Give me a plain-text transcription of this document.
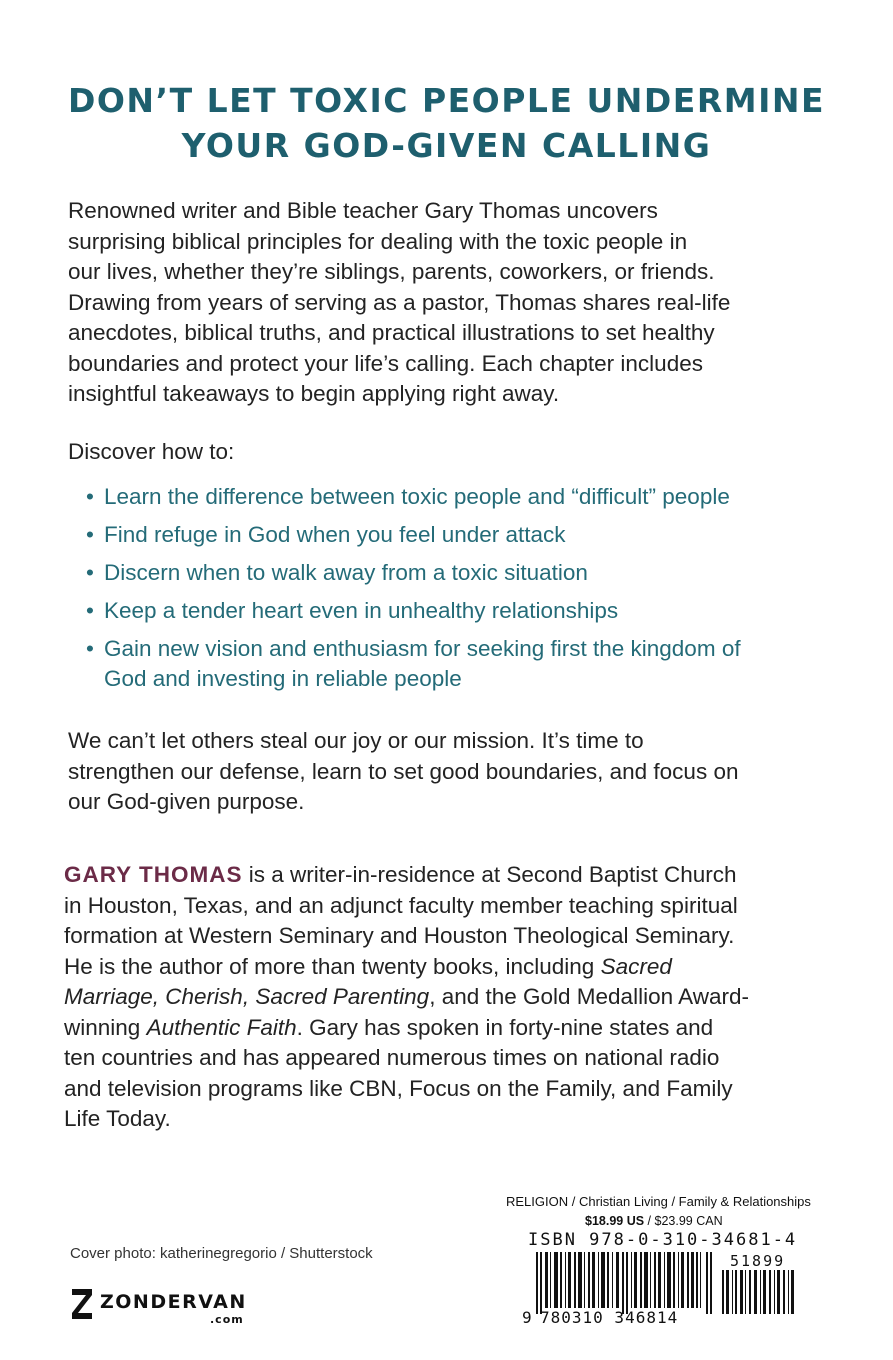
DON’T LET TOXIC PEOPLE UNDERMINE
YOUR GOD-GIVEN CALLING
Renowned writer and Bible teacher Gary Thomas uncovers
surprising biblical principles for dealing with the toxic people in
our lives, whether they’re siblings, parents, coworkers, or friends.
Drawing from years of serving as a pastor, Thomas shares real-life
anecdotes, biblical truths, and practical illustrations to set healthy
boundaries and protect your life’s calling. Each chapter includes
insightful takeaways to begin applying right away.
Discover how to:
• Learn the difference between toxic people and “difficult” people
• Find refuge in God when you feel under attack
• Discern when to walk away from a toxic situation
• Keep a tender heart even in unhealthy relationships
• Gain new vision and enthusiasm for seeking first the kingdom of
God and investing in reliable people
We can’t let others steal our joy or our mission. It’s time to
strengthen our defense, learn to set good boundaries, and focus on
our God-given purpose.
GARY THOMAS is a writer-in-residence at Second Baptist Church
in Houston, Texas, and an adjunct faculty member teaching spiritual
formation at Western Seminary and Houston Theological Seminary.
He is the author of more than twenty books, including Sacred
Marriage, Cherish, Sacred Parenting, and the Gold Medallion Award-
winning Authentic Faith. Gary has spoken in forty-nine states and
ten countries and has appeared numerous times on national radio
and television programs like CBN, Focus on the Family, and Family
Life Today.
Cover photo: katherinegregorio / Shutterstock
ZONDERVAN
.com
RELIGION / Christian Living / Family & Relationships
$18.99 US / $23.99 CAN
ISBN 978-0-310-34681-4
51899
9 780310 346814
